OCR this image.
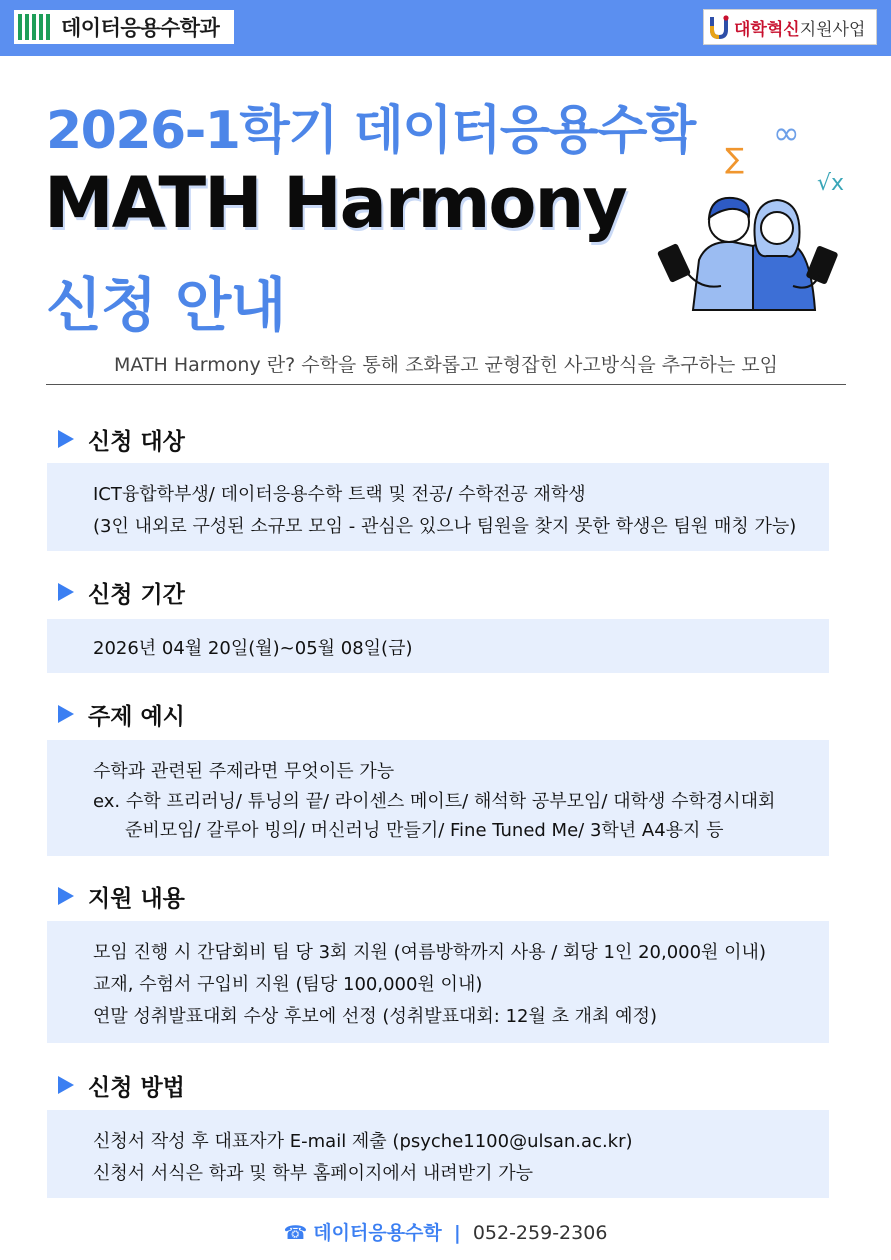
데이터응용수학과	대학혁신지원사업
2026-1학기 데이터응용수학
MATH Harmony
신청 안내
∑
∞
√x
MATH Harmony 란? 수학을 통해 조화롭고 균형잡힌 사고방식을 추구하는 모임
신청 대상
ICT융합학부생/ 데이터응용수학 트랙 및 전공/ 수학전공 재학생
(3인 내외로 구성된 소규모 모임 - 관심은 있으나 팀원을 찾지 못한 학생은 팀원 매칭 가능)
신청 기간
2026년 04월 20일(월)~05월 08일(금)
주제 예시
수학과 관련된 주제라면 무엇이든 가능
ex. 수학 프리러닝/ 튜닝의 끝/ 라이센스 메이트/ 해석학 공부모임/ 대학생 수학경시대회
준비모임/ 갈루아 빙의/ 머신러닝 만들기/ Fine Tuned Me/ 3학년 A4용지 등
지원 내용
모임 진행 시 간담회비 팀 당 3회 지원 (여름방학까지 사용 / 회당 1인 20,000원 이내)
교재, 수험서 구입비 지원 (팀당 100,000원 이내)
연말 성취발표대회 수상 후보에 선정 (성취발표대회: 12월 초 개최 예정)
신청 방법
신청서 작성 후 대표자가 E-mail 제출 (psyche1100@ulsan.ac.kr)
신청서 서식은 학과 및 학부 홈페이지에서 내려받기 가능
☎ 데이터응용수학 | 052-259-2306
